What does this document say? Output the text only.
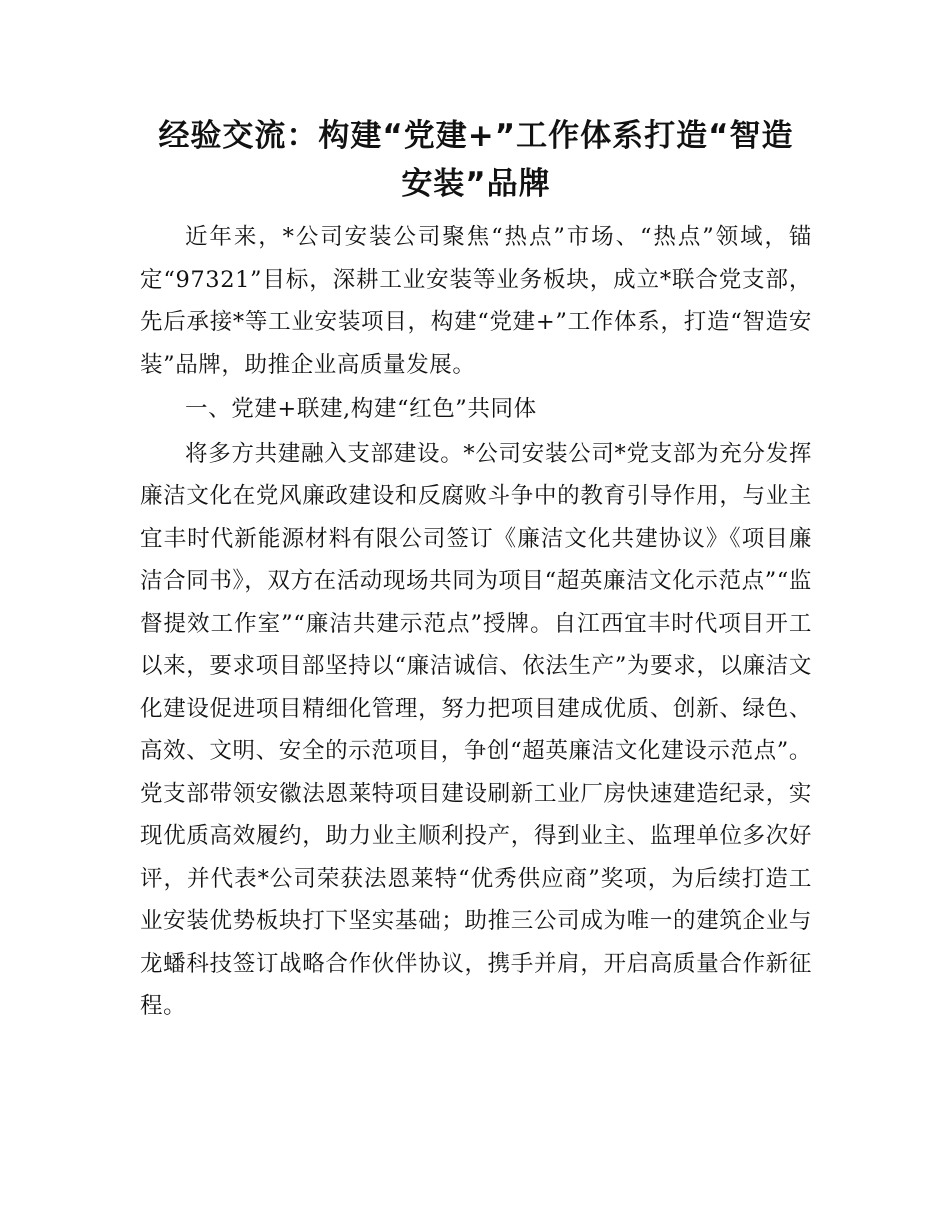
经验交流：构建“党建+”工作体系打造“智造
安装”品牌

近年来，*公司安装公司聚焦“热点”市场、“热点”领域，锚定“97321”目标，深耕工业安装等业务板块，成立*联合党支部，先后承接*等工业安装项目，构建“党建+”工作体系，打造“智造安装”品牌，助推企业高质量发展。

一、党建+联建,构建“红色”共同体

将多方共建融入支部建设。*公司安装公司*党支部为充分发挥廉洁文化在党风廉政建设和反腐败斗争中的教育引导作用，与业主宜丰时代新能源材料有限公司签订《廉洁文化共建协议》《项目廉洁合同书》，双方在活动现场共同为项目“超英廉洁文化示范点”“监督提效工作室”“廉洁共建示范点”授牌。自江西宜丰时代项目开工以来，要求项目部坚持以“廉洁诚信、依法生产”为要求，以廉洁文化建设促进项目精细化管理，努力把项目建成优质、创新、绿色、高效、文明、安全的示范项目，争创“超英廉洁文化建设示范点”。党支部带领安徽法恩莱特项目建设刷新工业厂房快速建造纪录，实现优质高效履约，助力业主顺利投产，得到业主、监理单位多次好评，并代表*公司荣获法恩莱特“优秀供应商”奖项，为后续打造工业安装优势板块打下坚实基础；助推三公司成为唯一的建筑企业与龙蟠科技签订战略合作伙伴协议，携手并肩，开启高质量合作新征程。
